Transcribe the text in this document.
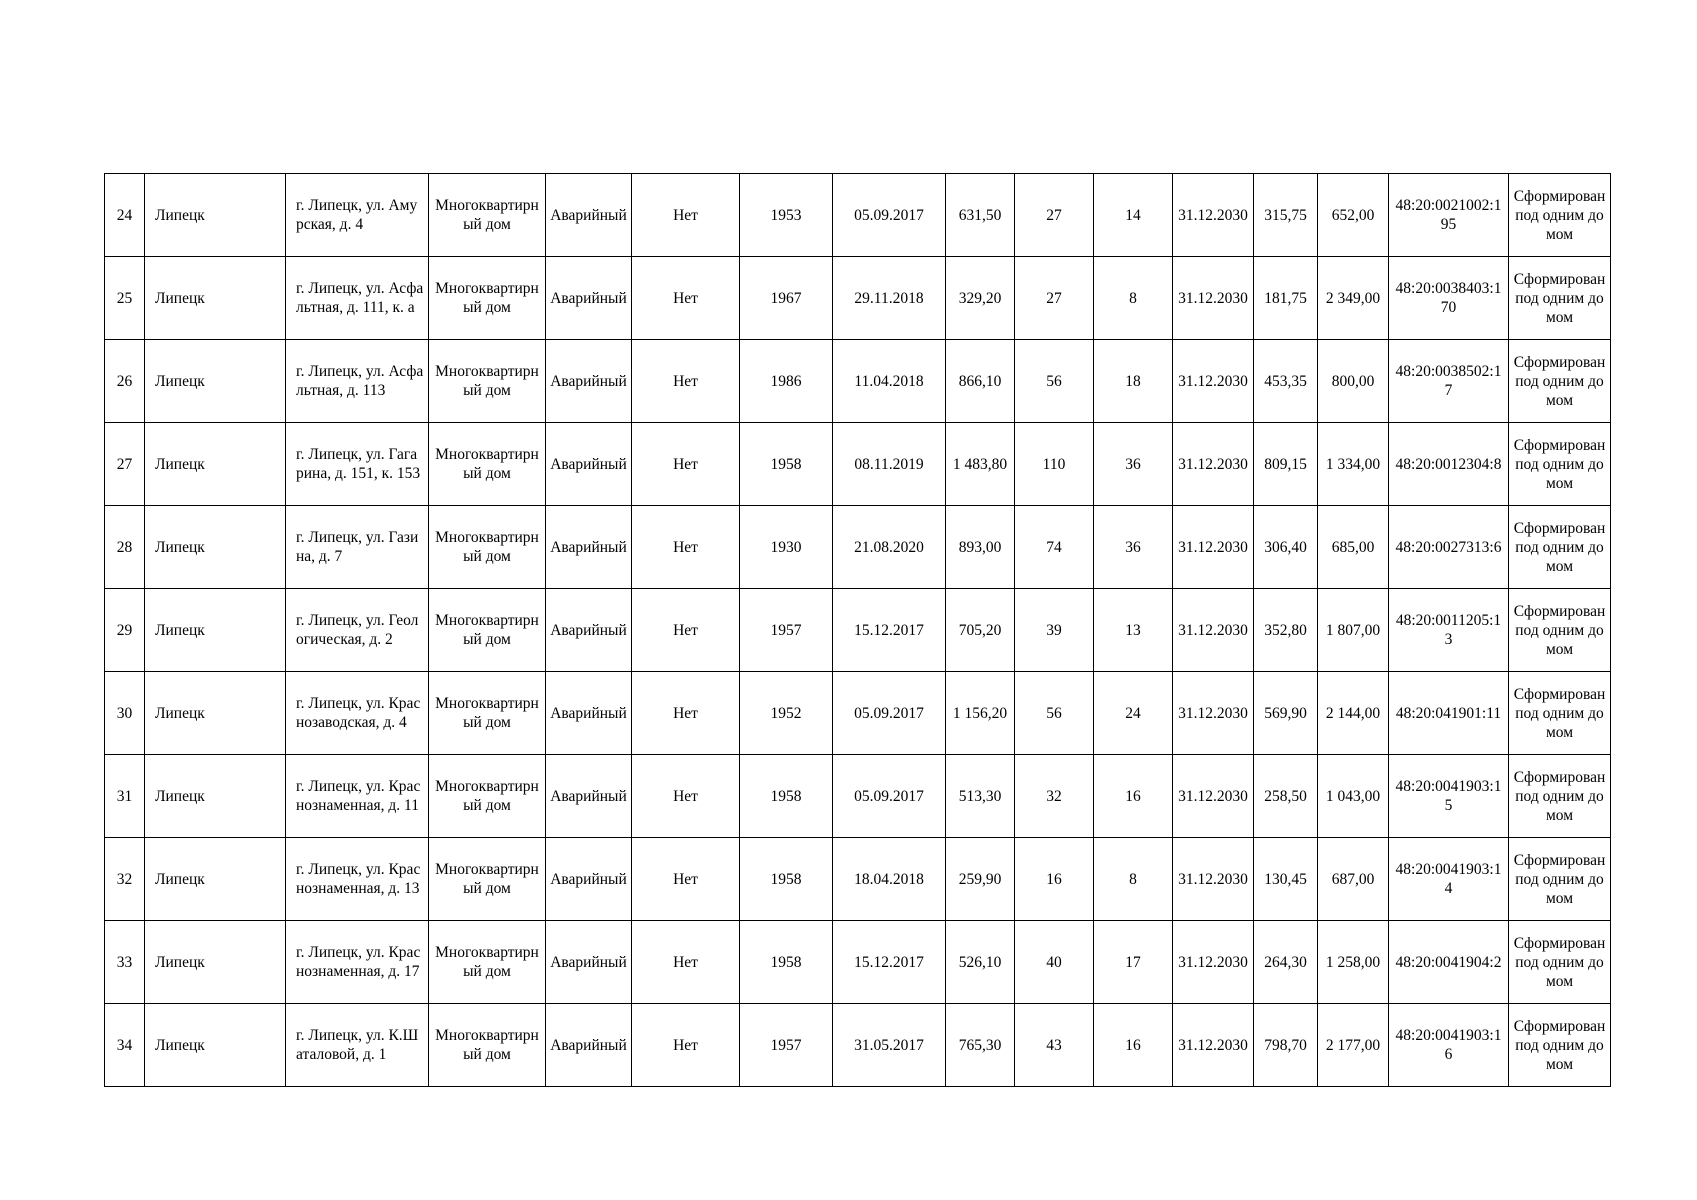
24	Липецк	г. Липецк, ул. Амурская, д. 4	Многоквартирный дом	Аварийный	Нет	1953	05.09.2017	631,50	27	14	31.12.2030	315,75	652,00	48:20:0021002:195	Сформирован под одним домом
25	Липецк	г. Липецк, ул. Асфальтная, д. 111, к. а	Многоквартирный дом	Аварийный	Нет	1967	29.11.2018	329,20	27	8	31.12.2030	181,75	2 349,00	48:20:0038403:170	Сформирован под одним домом
26	Липецк	г. Липецк, ул. Асфальтная, д. 113	Многоквартирный дом	Аварийный	Нет	1986	11.04.2018	866,10	56	18	31.12.2030	453,35	800,00	48:20:0038502:17	Сформирован под одним домом
27	Липецк	г. Липецк, ул. Гагарина, д. 151, к. 153	Многоквартирный дом	Аварийный	Нет	1958	08.11.2019	1 483,80	110	36	31.12.2030	809,15	1 334,00	48:20:0012304:8	Сформирован под одним домом
28	Липецк	г. Липецк, ул. Газина, д. 7	Многоквартирный дом	Аварийный	Нет	1930	21.08.2020	893,00	74	36	31.12.2030	306,40	685,00	48:20:0027313:6	Сформирован под одним домом
29	Липецк	г. Липецк, ул. Геологическая, д. 2	Многоквартирный дом	Аварийный	Нет	1957	15.12.2017	705,20	39	13	31.12.2030	352,80	1 807,00	48:20:0011205:13	Сформирован под одним домом
30	Липецк	г. Липецк, ул. Краснозаводская, д. 4	Многоквартирный дом	Аварийный	Нет	1952	05.09.2017	1 156,20	56	24	31.12.2030	569,90	2 144,00	48:20:041901:11	Сформирован под одним домом
31	Липецк	г. Липецк, ул. Краснознаменная, д. 11	Многоквартирный дом	Аварийный	Нет	1958	05.09.2017	513,30	32	16	31.12.2030	258,50	1 043,00	48:20:0041903:15	Сформирован под одним домом
32	Липецк	г. Липецк, ул. Краснознаменная, д. 13	Многоквартирный дом	Аварийный	Нет	1958	18.04.2018	259,90	16	8	31.12.2030	130,45	687,00	48:20:0041903:14	Сформирован под одним домом
33	Липецк	г. Липецк, ул. Краснознаменная, д. 17	Многоквартирный дом	Аварийный	Нет	1958	15.12.2017	526,10	40	17	31.12.2030	264,30	1 258,00	48:20:0041904:2	Сформирован под одним домом
34	Липецк	г. Липецк, ул. К.Шаталовой, д. 1	Многоквартирный дом	Аварийный	Нет	1957	31.05.2017	765,30	43	16	31.12.2030	798,70	2 177,00	48:20:0041903:16	Сформирован под одним домом
